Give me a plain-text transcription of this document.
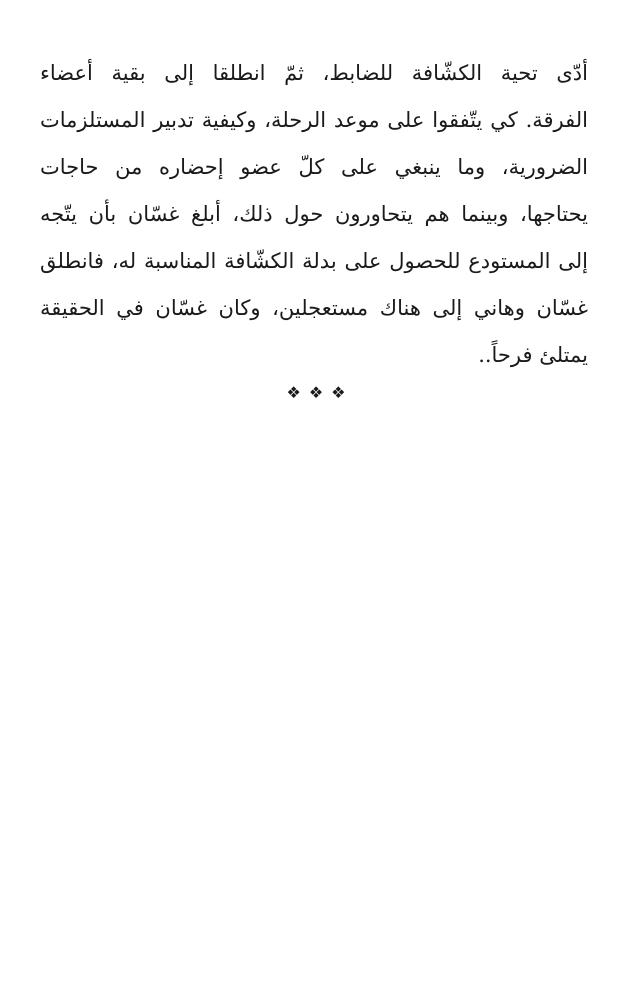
أدّى تحية الكشّافة للضابط، ثمّ انطلقا إلى بقية أعضاء
الفرقة. كي يتّفقوا على موعد الرحلة، وكيفية تدبير المستلزمات
الضرورية، وما ينبغي على كلّ عضو إحضاره من حاجات
يحتاجها، وبينما هم يتحاورون حول ذلك، أبلغ غسّان بأن يتّجه
إلى المستودع للحصول على بدلة الكشّافة المناسبة له، فانطلق
غسّان وهاني إلى هناك مستعجلين، وكان غسّان في الحقيقة
يمتلئ فرحاً..
❖❖❖
